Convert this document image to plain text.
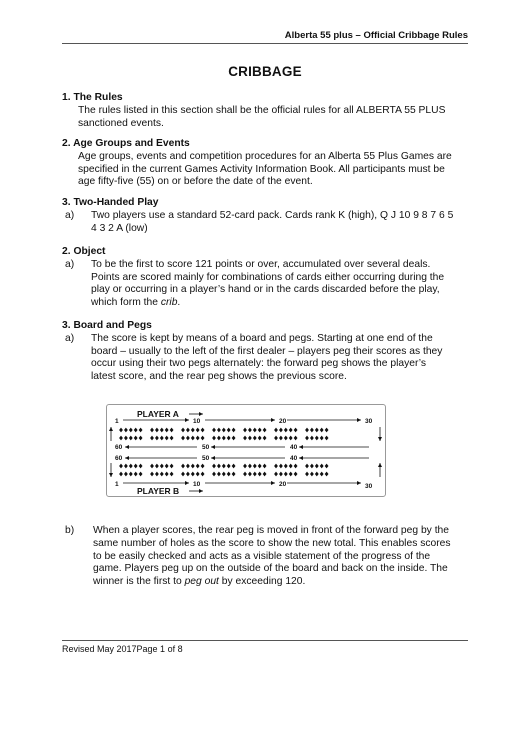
Alberta 55 plus – Official Cribbage Rules
CRIBBAGE
1. The Rules
The rules listed in this section shall be the official rules for all ALBERTA 55 PLUS
sanctioned events.
2. Age Groups and Events
Age groups, events and competition procedures for an Alberta 55 Plus Games are
specified in the current Games Activity Information Book. All participants must be
age fifty-five (55) on or before the date of the event.
3. Two-Handed Play
a) Two players use a standard 52-card pack. Cards rank K (high), Q J 10 9 8 7 6 5
4 3 2 A (low)
2. Object
a) To be the first to score 121 points or over, accumulated over several deals.
Points are scored mainly for combinations of cards either occurring during the
play or occurring in a player’s hand or in the cards discarded before the play,
which form the crib.
3. Board and Pegs
a) The score is kept by means of a board and pegs. Starting at one end of the
board – usually to the left of the first dealer – players peg their scores as they
occur using their two pegs alternately: the forward peg shows the player’s
latest score, and the rear peg shows the previous score.
PLAYER A
1	10	20	30
60	50	40
60	50	40
1	10	20	30
PLAYER B
b) When a player scores, the rear peg is moved in front of the forward peg by the
same number of holes as the score to show the new total. This enables scores
to be easily checked and acts as a visible statement of the progress of the
game. Players peg up on the outside of the board and back on the inside. The
winner is the first to peg out by exceeding 120.
Revised May 2017Page 1 of 8
